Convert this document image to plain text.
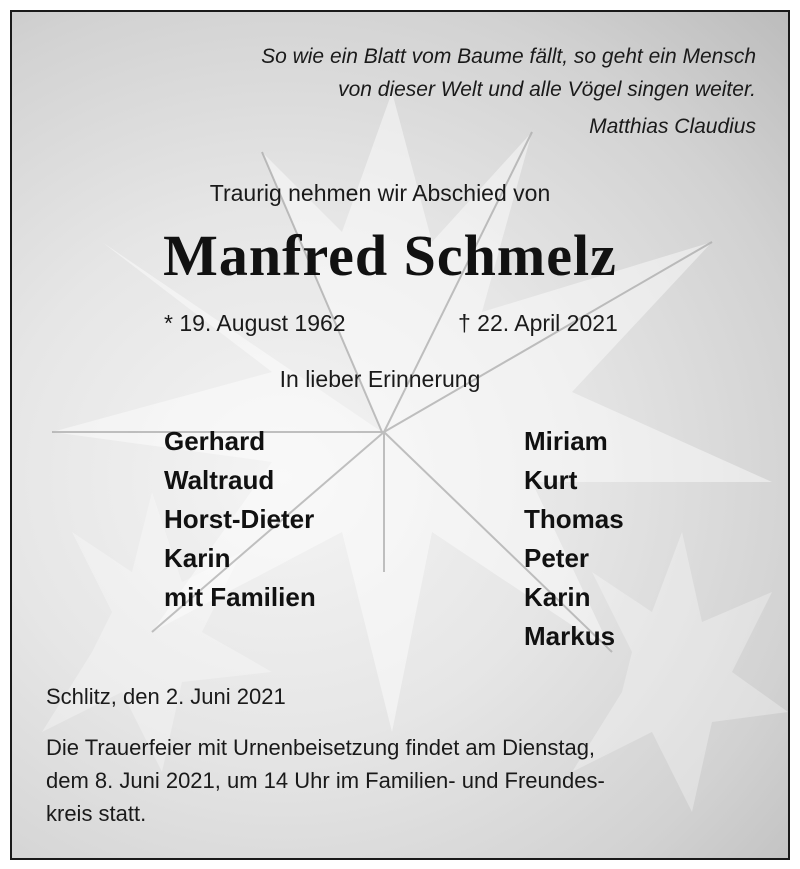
So wie ein Blatt vom Baume fällt, so geht ein Mensch
von dieser Welt und alle Vögel singen weiter.
Matthias Claudius
Traurig nehmen wir Abschied von
Manfred Schmelz
* 19. August 1962	† 22. April 2021
In lieber Erinnerung
Gerhard
Waltraud
Horst-Dieter
Karin
mit Familien
Miriam
Kurt
Thomas
Peter
Karin
Markus
Schlitz, den 2. Juni 2021
Die Trauerfeier mit Urnenbeisetzung findet am Dienstag,
dem 8. Juni 2021, um 14 Uhr im Familien- und Freundes-
kreis statt.
